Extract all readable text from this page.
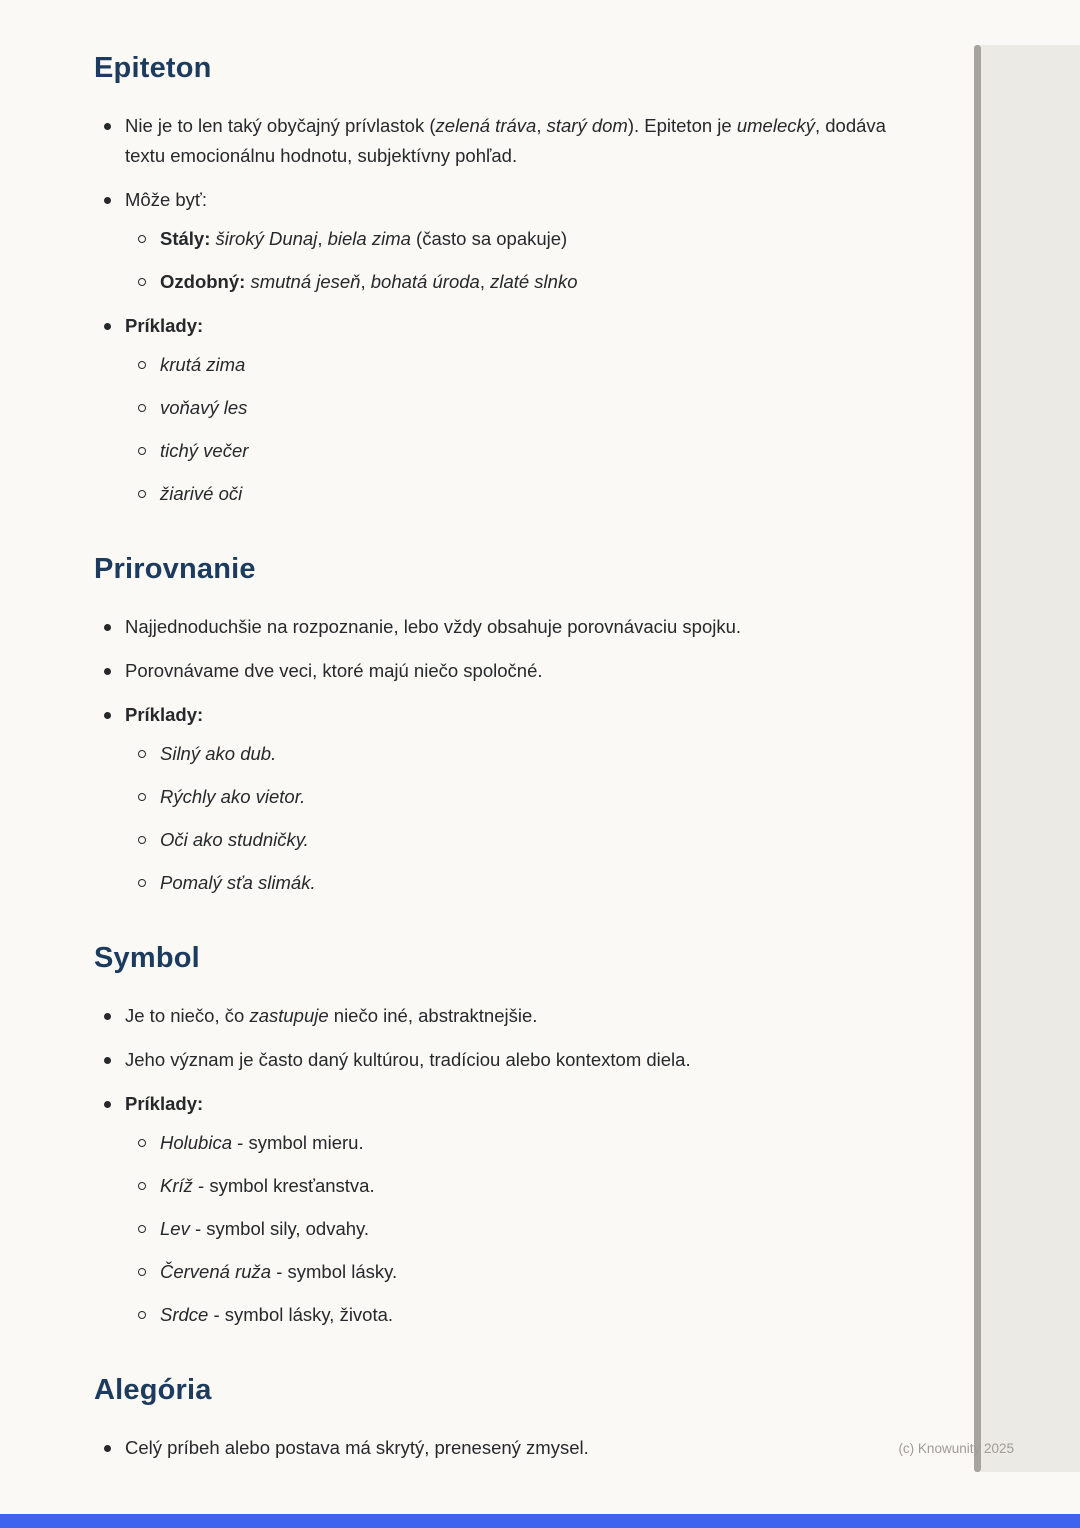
Epiteton
Nie je to len taký obyčajný prívlastok (zelená tráva, starý dom). Epiteton je umelecký, dodáva textu emocionálnu hodnotu, subjektívny pohľad.
Môže byť:
Stály: široký Dunaj, biela zima (často sa opakuje)
Ozdobný: smutná jeseň, bohatá úroda, zlaté slnko
Príklady:
krutá zima
voňavý les
tichý večer
žiarivé oči
Prirovnanie
Najjednoduchšie na rozpoznanie, lebo vždy obsahuje porovnávaciu spojku.
Porovnávame dve veci, ktoré majú niečo spoločné.
Príklady:
Silný ako dub.
Rýchly ako vietor.
Oči ako studničky.
Pomalý sťa slimák.
Symbol
Je to niečo, čo zastupuje niečo iné, abstraktnejšie.
Jeho význam je často daný kultúrou, tradíciou alebo kontextom diela.
Príklady:
Holubica - symbol mieru.
Kríž - symbol kresťanstva.
Lev - symbol sily, odvahy.
Červená ruža - symbol lásky.
Srdce - symbol lásky, života.
Alegória
Celý príbeh alebo postava má skrytý, prenesený zmysel.	(c) Knowunity 2025
